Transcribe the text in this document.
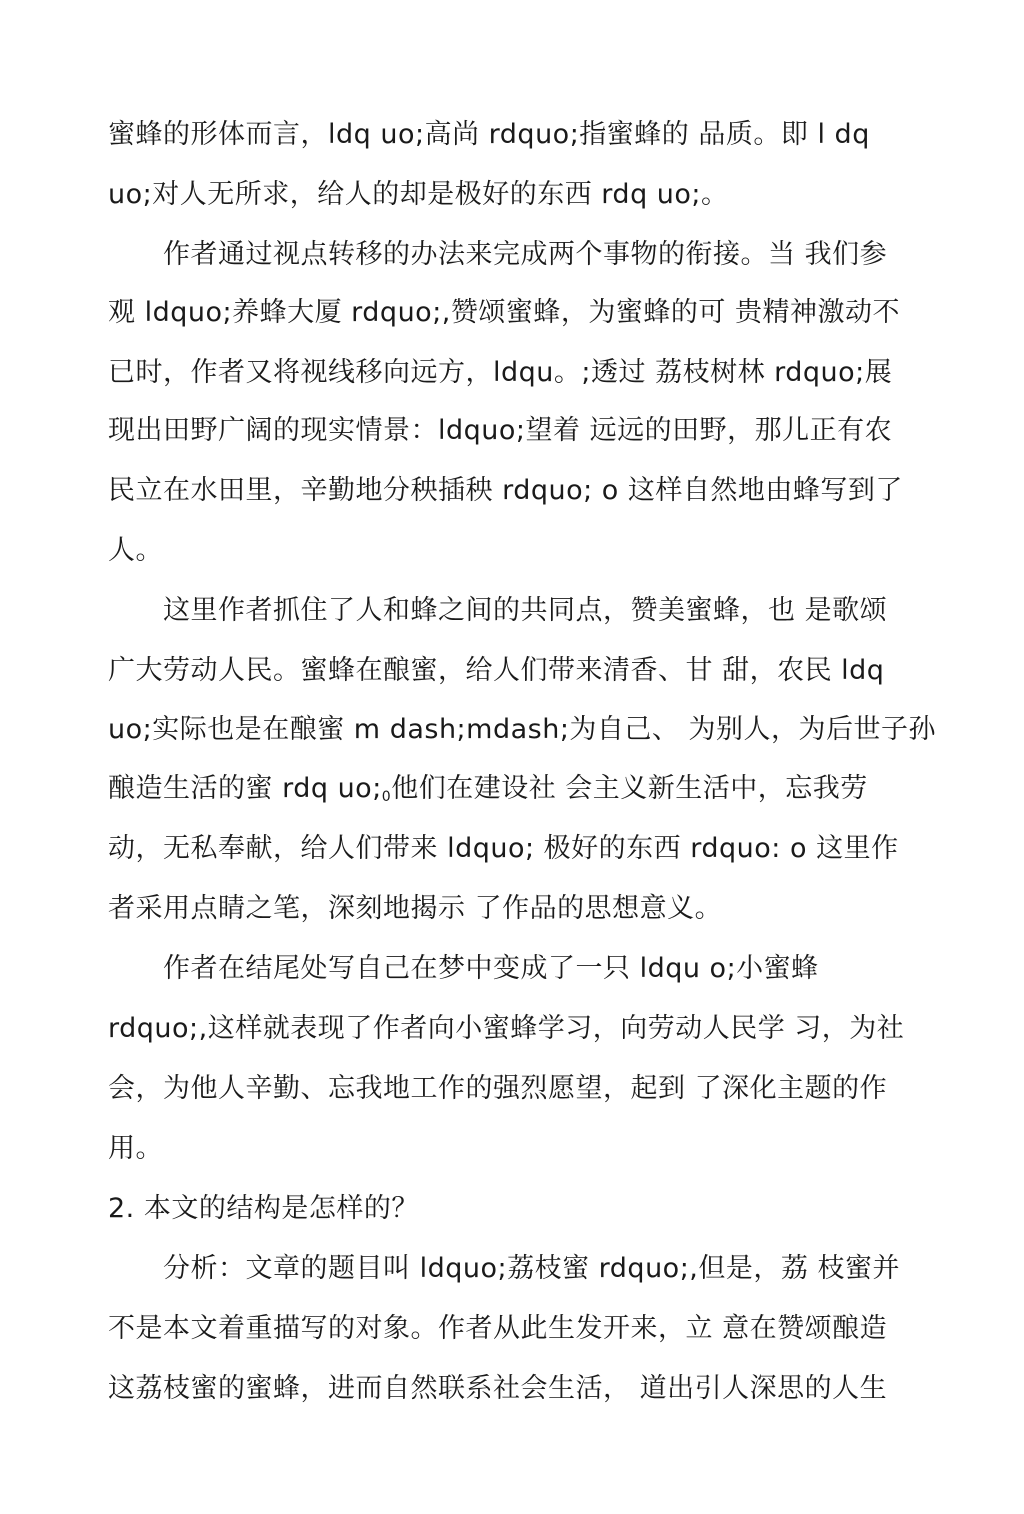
蜜蜂的形体而言，ldq uo;高尚 rdquo;指蜜蜂的 品质。即 l dq
uo;对人无所求，给人的却是极好的东西 rdq uo;。
　　作者通过视点转移的办法来完成两个事物的衔接。当 我们参
观 ldquo;养蜂大厦 rdquo;,赞颂蜜蜂，为蜜蜂的可 贵精神激动不
已时，作者又将视线移向远方，ldqu。;透过 荔枝树林 rdquo;展
现出田野广阔的现实情景：ldquo;望着 远远的田野，那儿正有农
民立在水田里，辛勤地分秧插秧 rdquo; o 这样自然地由蜂写到了
人。
　　这里作者抓住了人和蜂之间的共同点，赞美蜜蜂，也 是歌颂
广大劳动人民。蜜蜂在酿蜜，给人们带来清香、甘 甜，农民 ldq
uo;实际也是在酿蜜 m dash;mdash;为自己、 为别人，为后世子孙
酿造生活的蜜 rdq $uo;_0$他们在建设社 会主义新生活中，忘我劳
动，无私奉献，给人们带来 ldquo; 极好的东西 rdquo: o 这里作
者采用点睛之笔，深刻地揭示 了作品的思想意义。
　　作者在结尾处写自己在梦中变成了一只 ldqu o;小蜜蜂
rdquo;,这样就表现了作者向小蜜蜂学习，向劳动人民学 习，为社
会，为他人辛勤、忘我地工作的强烈愿望，起到 了深化主题的作
用。
2. 本文的结构是怎样的？
　　分析：文章的题目叫 ldquo;荔枝蜜 rdquo;,但是，荔 枝蜜并
不是本文着重描写的对象。作者从此生发开来，立 意在赞颂酿造
这荔枝蜜的蜜蜂，进而自然联系社会生活， 道出引人深思的人生
